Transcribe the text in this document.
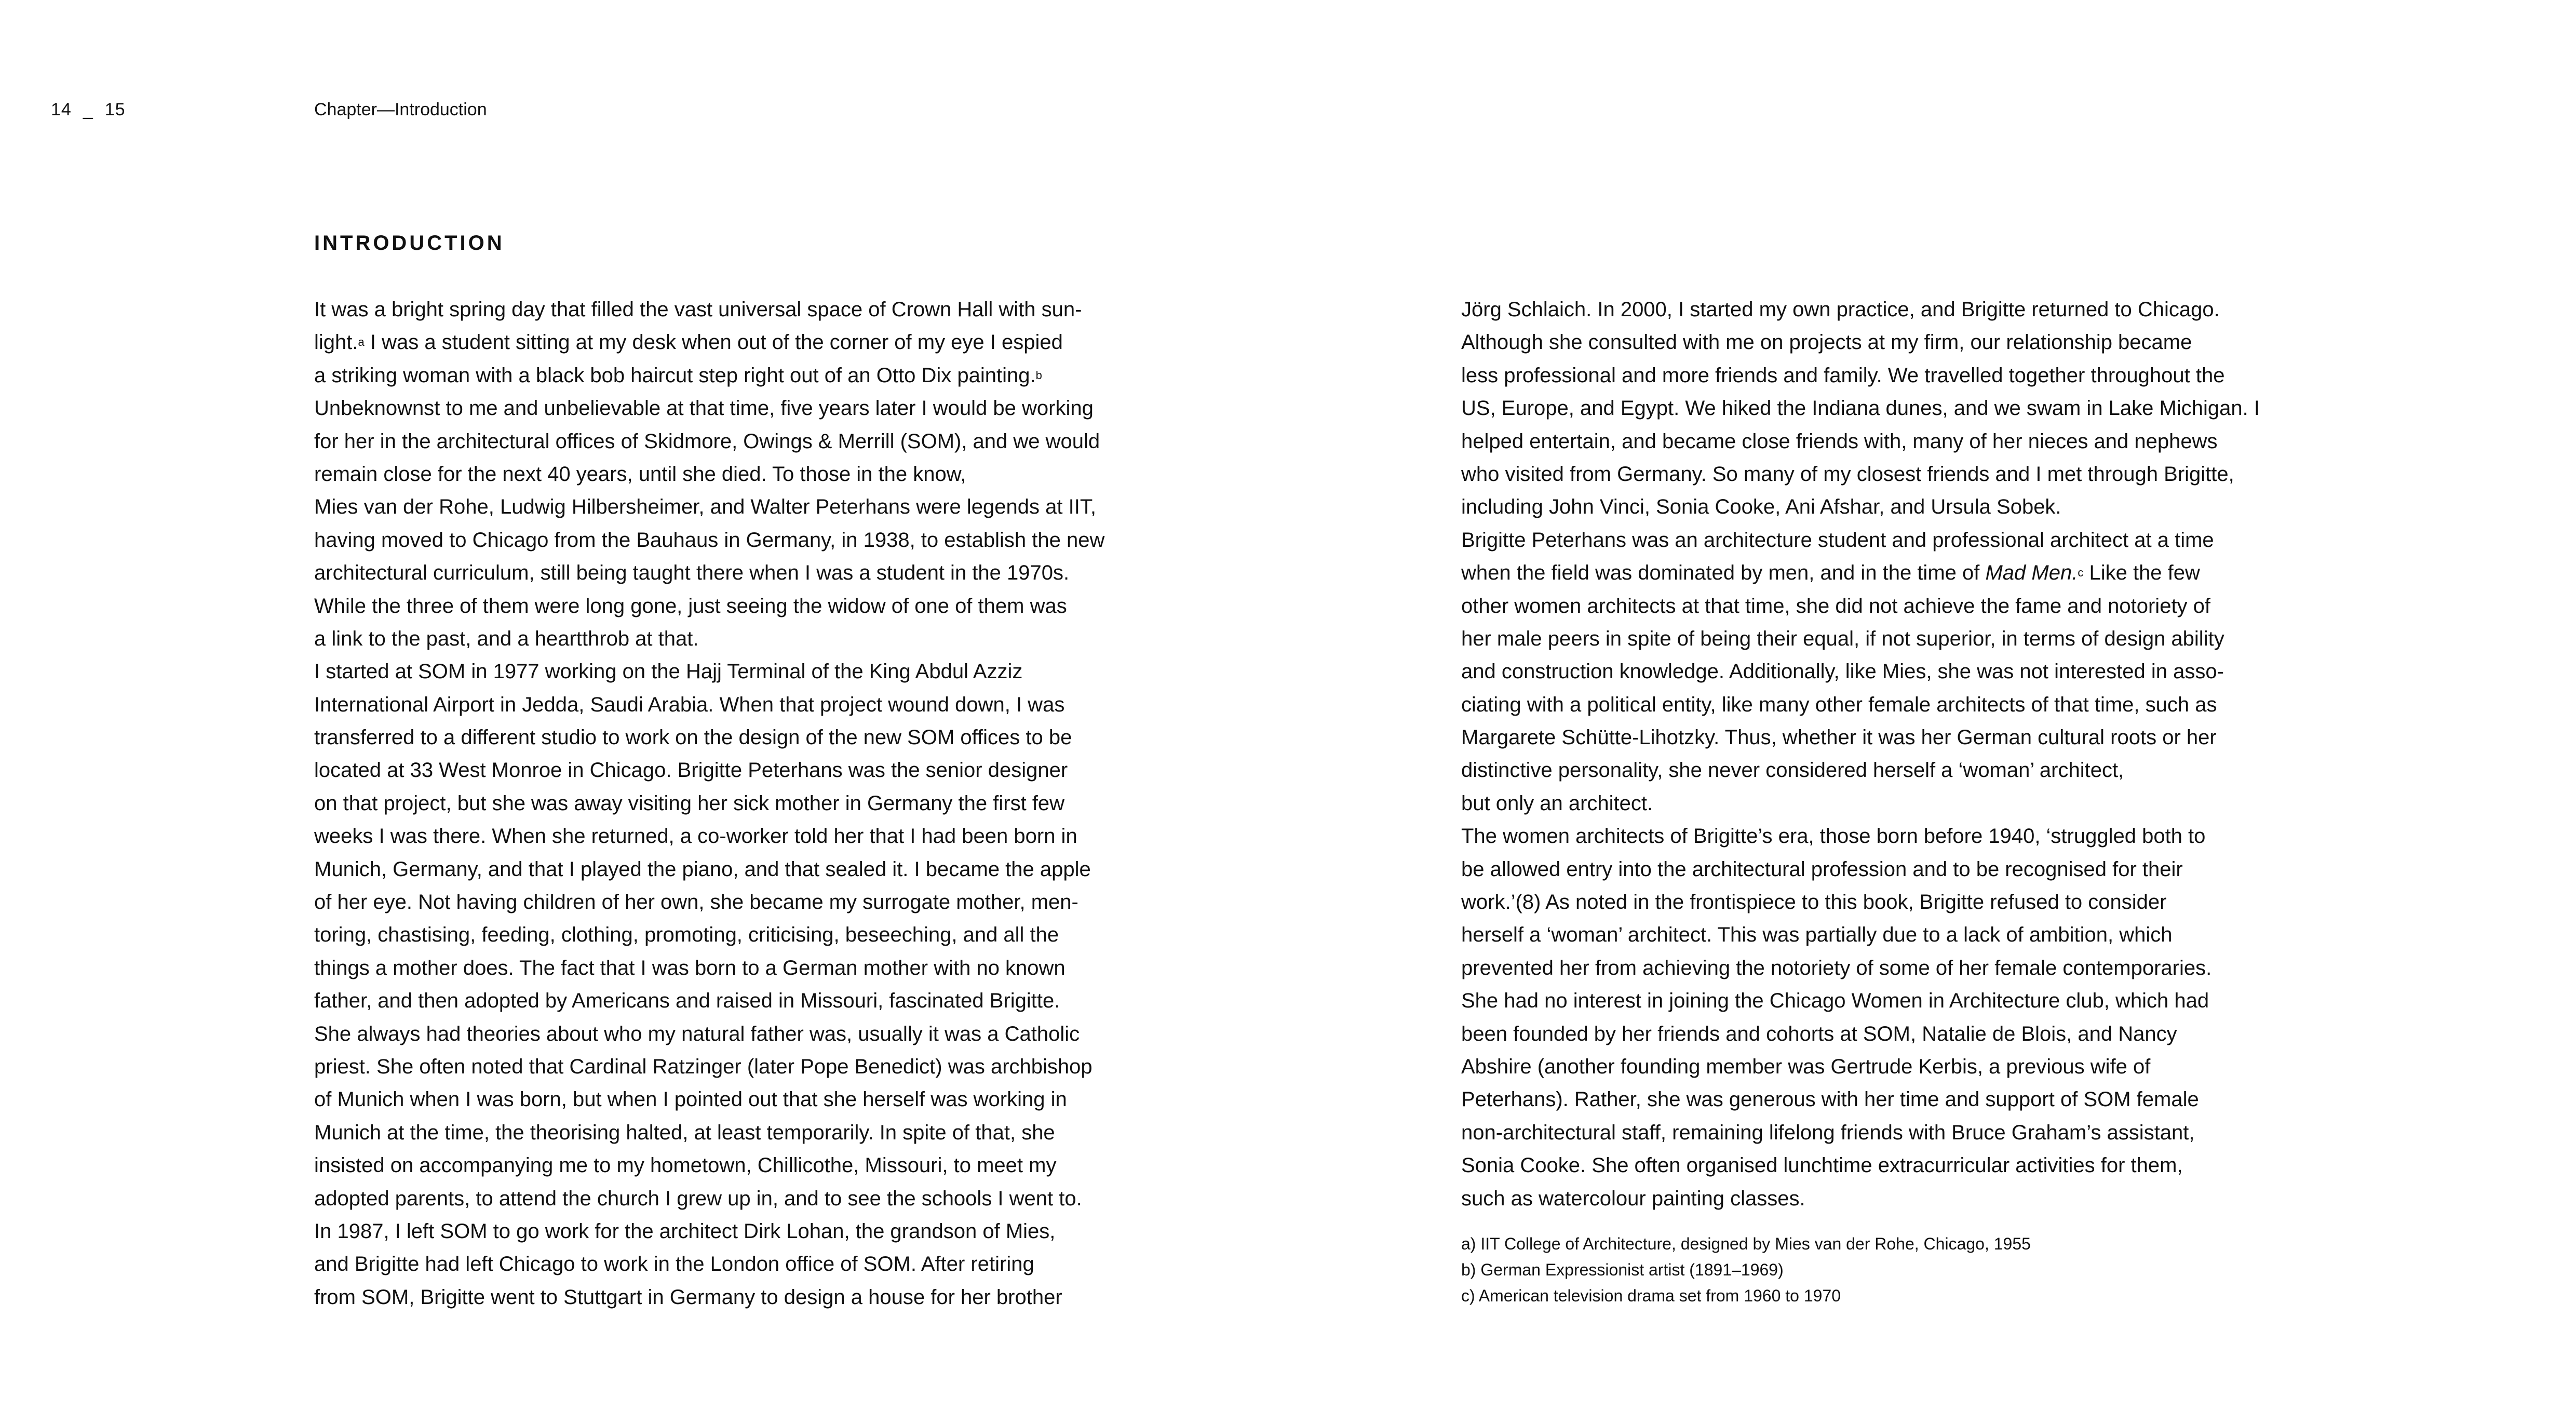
14 _ 15	Chapter—Introduction
INTRODUCTION
It was a bright spring day that filled the vast universal space of Crown Hall with sun-
light.$^a$ I was a student sitting at my desk when out of the corner of my eye I espied
a striking woman with a black bob haircut step right out of an Otto Dix painting.$^b$
Unbeknownst to me and unbelievable at that time, five years later I would be working
for her in the architectural offices of Skidmore, Owings & Merrill (SOM), and we would
remain close for the next 40 years, until she died. To those in the know,
Mies van der Rohe, Ludwig Hilbersheimer, and Walter Peterhans were legends at IIT,
having moved to Chicago from the Bauhaus in Germany, in 1938, to establish the new
architectural curriculum, still being taught there when I was a student in the 1970s.
While the three of them were long gone, just seeing the widow of one of them was
a link to the past, and a heartthrob at that.
I started at SOM in 1977 working on the Hajj Terminal of the King Abdul Azziz
International Airport in Jedda, Saudi Arabia. When that project wound down, I was
transferred to a different studio to work on the design of the new SOM offices to be
located at 33 West Monroe in Chicago. Brigitte Peterhans was the senior designer
on that project, but she was away visiting her sick mother in Germany the first few
weeks I was there. When she returned, a co-worker told her that I had been born in
Munich, Germany, and that I played the piano, and that sealed it. I became the apple
of her eye. Not having children of her own, she became my surrogate mother, men-
toring, chastising, feeding, clothing, promoting, criticising, beseeching, and all the
things a mother does. The fact that I was born to a German mother with no known
father, and then adopted by Americans and raised in Missouri, fascinated Brigitte.
She always had theories about who my natural father was, usually it was a Catholic
priest. She often noted that Cardinal Ratzinger (later Pope Benedict) was archbishop
of Munich when I was born, but when I pointed out that she herself was working in
Munich at the time, the theorising halted, at least temporarily. In spite of that, she
insisted on accompanying me to my hometown, Chillicothe, Missouri, to meet my
adopted parents, to attend the church I grew up in, and to see the schools I went to.
In 1987, I left SOM to go work for the architect Dirk Lohan, the grandson of Mies,
and Brigitte had left Chicago to work in the London office of SOM. After retiring
from SOM, Brigitte went to Stuttgart in Germany to design a house for her brother
Jörg Schlaich. In 2000, I started my own practice, and Brigitte returned to Chicago.
Although she consulted with me on projects at my firm, our relationship became
less professional and more friends and family. We travelled together throughout the
US, Europe, and Egypt. We hiked the Indiana dunes, and we swam in Lake Michigan. I
helped entertain, and became close friends with, many of her nieces and nephews
who visited from Germany. So many of my closest friends and I met through Brigitte,
including John Vinci, Sonia Cooke, Ani Afshar, and Ursula Sobek.
Brigitte Peterhans was an architecture student and professional architect at a time
when the field was dominated by men, and in the time of Mad Men.$^c$ Like the few
other women architects at that time, she did not achieve the fame and notoriety of
her male peers in spite of being their equal, if not superior, in terms of design ability
and construction knowledge. Additionally, like Mies, she was not interested in asso-
ciating with a political entity, like many other female architects of that time, such as
Margarete Schütte-Lihotzky. Thus, whether it was her German cultural roots or her
distinctive personality, she never considered herself a ‘woman’ architect,
but only an architect.
The women architects of Brigitte’s era, those born before 1940, ‘struggled both to
be allowed entry into the architectural profession and to be recognised for their
work.’(8) As noted in the frontispiece to this book, Brigitte refused to consider
herself a ‘woman’ architect. This was partially due to a lack of ambition, which
prevented her from achieving the notoriety of some of her female contemporaries.
She had no interest in joining the Chicago Women in Architecture club, which had
been founded by her friends and cohorts at SOM, Natalie de Blois, and Nancy
Abshire (another founding member was Gertrude Kerbis, a previous wife of
Peterhans). Rather, she was generous with her time and support of SOM female
non-architectural staff, remaining lifelong friends with Bruce Graham’s assistant,
Sonia Cooke. She often organised lunchtime extracurricular activities for them,
such as watercolour painting classes.
a) IIT College of Architecture, designed by Mies van der Rohe, Chicago, 1955
b) German Expressionist artist (1891–1969)
c) American television drama set from 1960 to 1970
